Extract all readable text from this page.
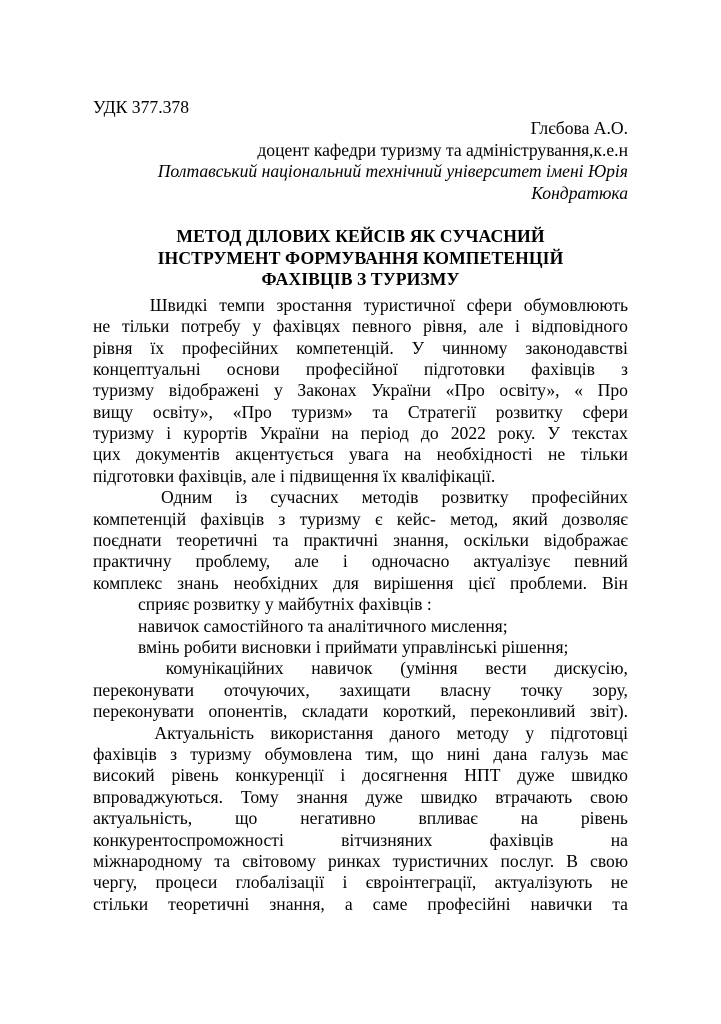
УДК 377.378
Глєбова А.О.
доцент кафедри туризму та адміністрування,к.е.н
Полтавський національний технічний університет імені Юрія
Кондратюка
МЕТОД ДІЛОВИХ КЕЙСІВ ЯК СУЧАСНИЙ
ІНСТРУМЕНТ ФОРМУВАННЯ КОМПЕТЕНЦІЙ
ФАХІВЦІВ З ТУРИЗМУ
Швидкі темпи зростання туристичної сфери обумовлюють
не тільки потребу у фахівцях певного рівня, але і відповідного
рівня їх професійних компетенцій. У чинному законодавстві
концептуальні основи професійної підготовки фахівців з
туризму відображені у Законах України «Про освіту», « Про
вищу освіту», «Про туризм» та Стратегії розвитку сфери
туризму і курортів України на період до 2022 року. У текстах
цих документів акцентується увага на необхідності не тільки
підготовки фахівців, але і підвищення їх кваліфікації.
Одним із сучасних методів розвитку професійних
компетенцій фахівців з туризму є кейс- метод, який дозволяє
поєднати теоретичні та практичні знання, оскільки відображає
практичну проблему, але і одночасно актуалізує певний
комплекс знань необхідних для вирішення цієї проблеми. Він
сприяє розвитку у майбутніх фахівців :
навичок самостійного та аналітичного мислення;
вмінь робити висновки і приймати управлінські рішення;
комунікаційних навичок (уміння вести дискусію,
переконувати оточуючих, захищати власну точку зору,
переконувати опонентів, складати короткий, переконливий звіт).
Актуальність використання даного методу у підготовці
фахівців з туризму обумовлена тим, що нині дана галузь має
високий рівень конкуренції і досягнення НПТ дуже швидко
впроваджуються. Тому знання дуже швидко втрачають свою
актуальність, що негативно впливає на рівень
конкурентоспроможності	вітчизняних	фахівців	на
міжнародному та світовому ринках туристичних послуг. В свою
чергу, процеси глобалізації і євроінтеграції, актуалізують не
стільки теоретичні знання, а саме професійні навички та
